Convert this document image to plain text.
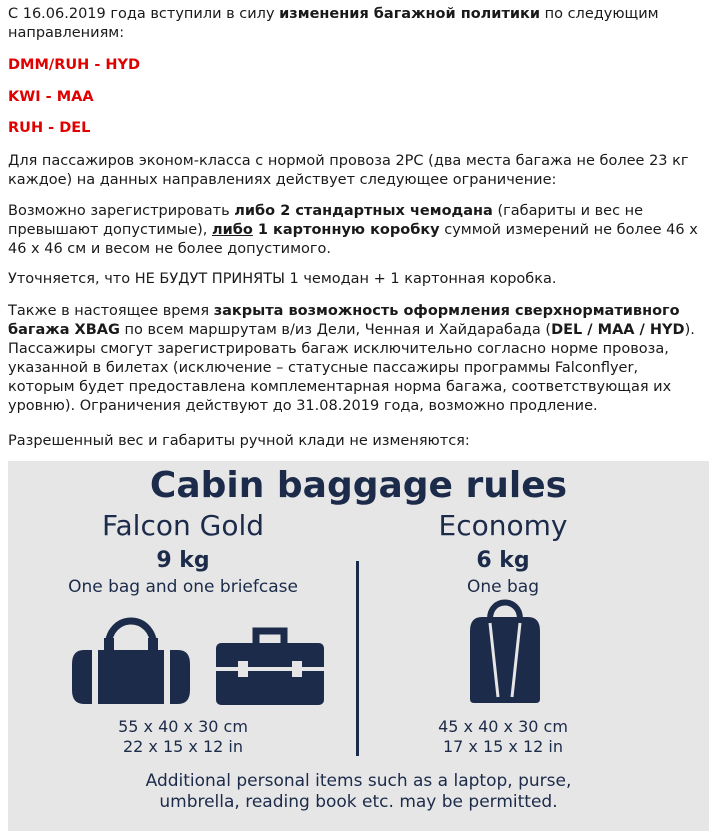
С 16.06.2019 года вступили в силу изменения багажной политики по следующим направлениям:

DMM/RUH - HYD

KWI - MAA

RUH - DEL

Для пассажиров эконом-класса с нормой провоза 2PC (два места багажа не более 23 кг каждое) на данных направлениях действует следующее ограничение:

Возможно зарегистрировать либо 2 стандартных чемодана (габариты и вес не превышают допустимые), либо 1 картонную коробку суммой измерений не более 46 х 46 х 46 см и весом не более допустимого.

Уточняется, что НЕ БУДУТ ПРИНЯТЫ 1 чемодан + 1 картонная коробка.

Также в настоящее время закрыта возможность оформления сверхнормативного багажа XBAG по всем маршрутам в/из Дели, Ченная и Хайдарабада (DEL / MAA / HYD). Пассажиры смогут зарегистрировать багаж исключительно согласно норме провоза, указанной в билетах (исключение – статусные пассажиры программы Falconflyer, которым будет предоставлена комплементарная норма багажа, соответствующая их уровню). Ограничения действуют до 31.08.2019 года, возможно продление.

Разрешенный вес и габариты ручной клади не изменяются:

Cabin baggage rules
Falcon Gold
9 kg
One bag and one briefcase
Economy
6 kg
One bag
55 x 40 x 30 cm
22 x 15 x 12 in
45 x 40 x 30 cm
17 x 15 x 12 in
Additional personal items such as a laptop, purse,
umbrella, reading book etc. may be permitted.
